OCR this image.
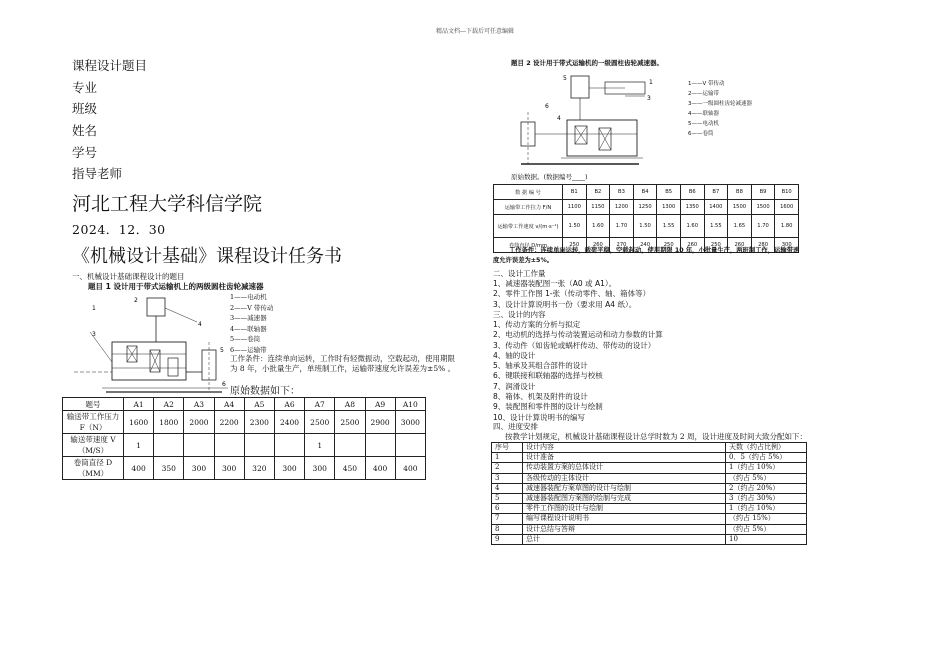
精品文档---下载后可任意编辑
课程设计题目
专业
班级
姓名
学号
指导老师
河北工程大学科信学院
2024．12．30
《机械设计基础》课程设计任务书
一、机械设计基础课程设计的题目
题目 1 设计用于带式运输机上的两级圆柱齿轮减速器
1
2
3
4
5
6
1——电动机
2——V 带传动
3——减速器
4——联轴器
5——卷筒
6——运输带
工作条件：连续单向运转，工作时有轻微振动，空载起动，使用期限为 8 年，小批量生产，单班制工作，运输带速度允许误差为±5% 。
原始数据如下：
题号	A1	A2	A3	A4	A5	A6	A7	A8	A9	A10
输送带工作压力 F（N）	1600	1800	2000	2200	2300	2400	2500	2500	2900	3000
输送带速度 V（M/S）	1						1			
卷筒直径 D（MM）	400	350	300	300	320	300	300	450	400	400
题目 2 设计用于带式运输机的一级圆柱齿轮减速器。
6
5
1
3
4
1——V 带传动
2——运输带
3——一级圆柱齿轮减速器
4——联轴器
5——电动机
6——卷筒
原始数据。(数据编号____)
数 据 编 号	B1	B2	B3	B4	B5	B6	B7	B8	B9	B10
运输带工作拉力 F/N	1100	1150	1200	1250	1300	1350	1400	1500	1500	1600
运输带工作速度 v/(m·s⁻¹)	1.50	1.60	1.70	1.50	1.55	1.60	1.55	1.65	1.70	1.80
卷筒直径 D/mm	250	260	270	240	250	260	250	260	280	300
工作条件：连续单向运转，载荷平稳，空载起动，使用期限 10 年，小批量生产，两班制工作，运输带速度允许误差为±5%。
二、设计工作量
1、减速器装配图一张（A0 或 A1）。
2、零件工作图 1-张（传动零件、轴、箱体等）
3、设计计算说明书一份（要求用 A4 纸）。
三、设计的内容
1、传动方案的分析与拟定
2、电动机的选择与传动装置运动和动力参数的计算
3、传动件（如齿轮或蜗杆传动、带传动的设计）
4、轴的设计
5、轴承及其组合部件的设计
6、键联接和联轴器的选择与校核
7、润滑设计
8、箱体、机架及附件的设计
9、装配图和零件图的设计与绘制
10、设计计算说明书的编写
四、进度安排
按教学计划规定，机械设计基础课程设计总学时数为 2 周，设计进度及时间大致分配如下：
序号	设计内容	天数（约占比例）
1	设计准备	0．5（约占 5%）
2	传动装置方案的总体设计	1（约占 10%）
3	各级传动的主体设计	（约占 5%）
4	减速器装配方案草图的设计与绘制	2（约占 20%）
5	减速器装配图方案图的绘制与完成	3（约占 30%）
6	零件工作图的设计与绘制	1（约占 10%）
7	编写课程设计说明书	（约占 15%）
8	设计总结与答辩	（约占 5%）
9	总计	10
